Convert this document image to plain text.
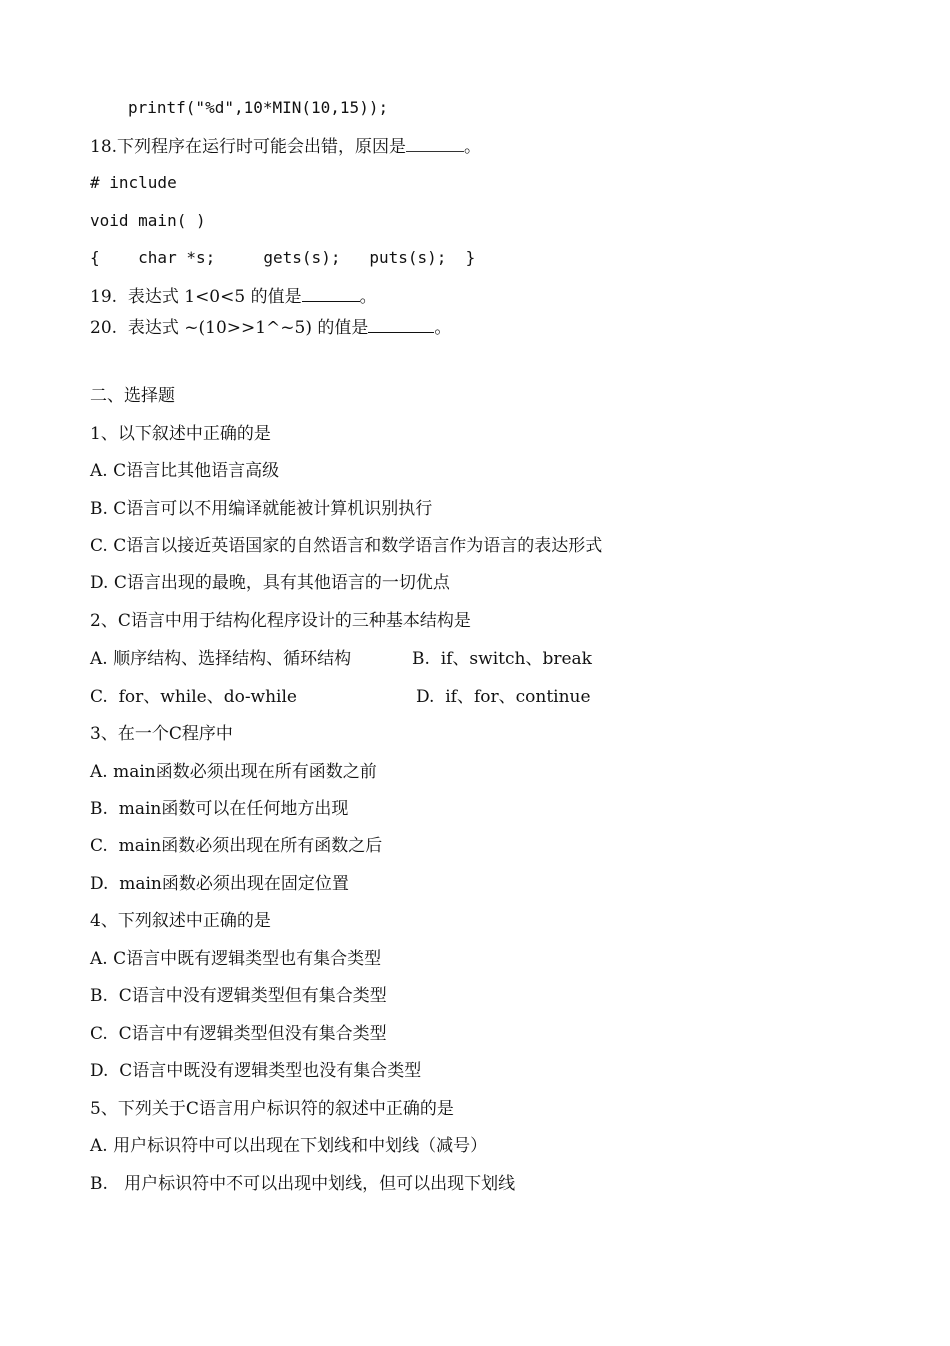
printf("%d",10*MIN(10,15));
18.下列程序在运行时可能会出错，原因是	。
# include
void main( )
{    char *s;     gets(s);   puts(s);  }
19.  表达式 1<0<5 的值是	。
20.  表达式 ~(10>>1^~5) 的值是	。
二、选择题
1、以下叙述中正确的是
A. C语言比其他语言高级
B. C语言可以不用编译就能被计算机识别执行
C. C语言以接近英语国家的自然语言和数学语言作为语言的表达形式
D. C语言出现的最晚，具有其他语言的一切优点
2、C语言中用于结构化程序设计的三种基本结构是
A. 顺序结构、选择结构、循环结构	B.  if、switch、break
C.  for、while、do-while	D.  if、for、continue
3、在一个C程序中
A. main函数必须出现在所有函数之前
B.  main函数可以在任何地方出现
C.  main函数必须出现在所有函数之后
D.  main函数必须出现在固定位置
4、下列叙述中正确的是
A. C语言中既有逻辑类型也有集合类型
B.  C语言中没有逻辑类型但有集合类型
C.  C语言中有逻辑类型但没有集合类型
D.  C语言中既没有逻辑类型也没有集合类型
5、下列关于C语言用户标识符的叙述中正确的是
A. 用户标识符中可以出现在下划线和中划线（减号）
B.   用户标识符中不可以出现中划线，但可以出现下划线
